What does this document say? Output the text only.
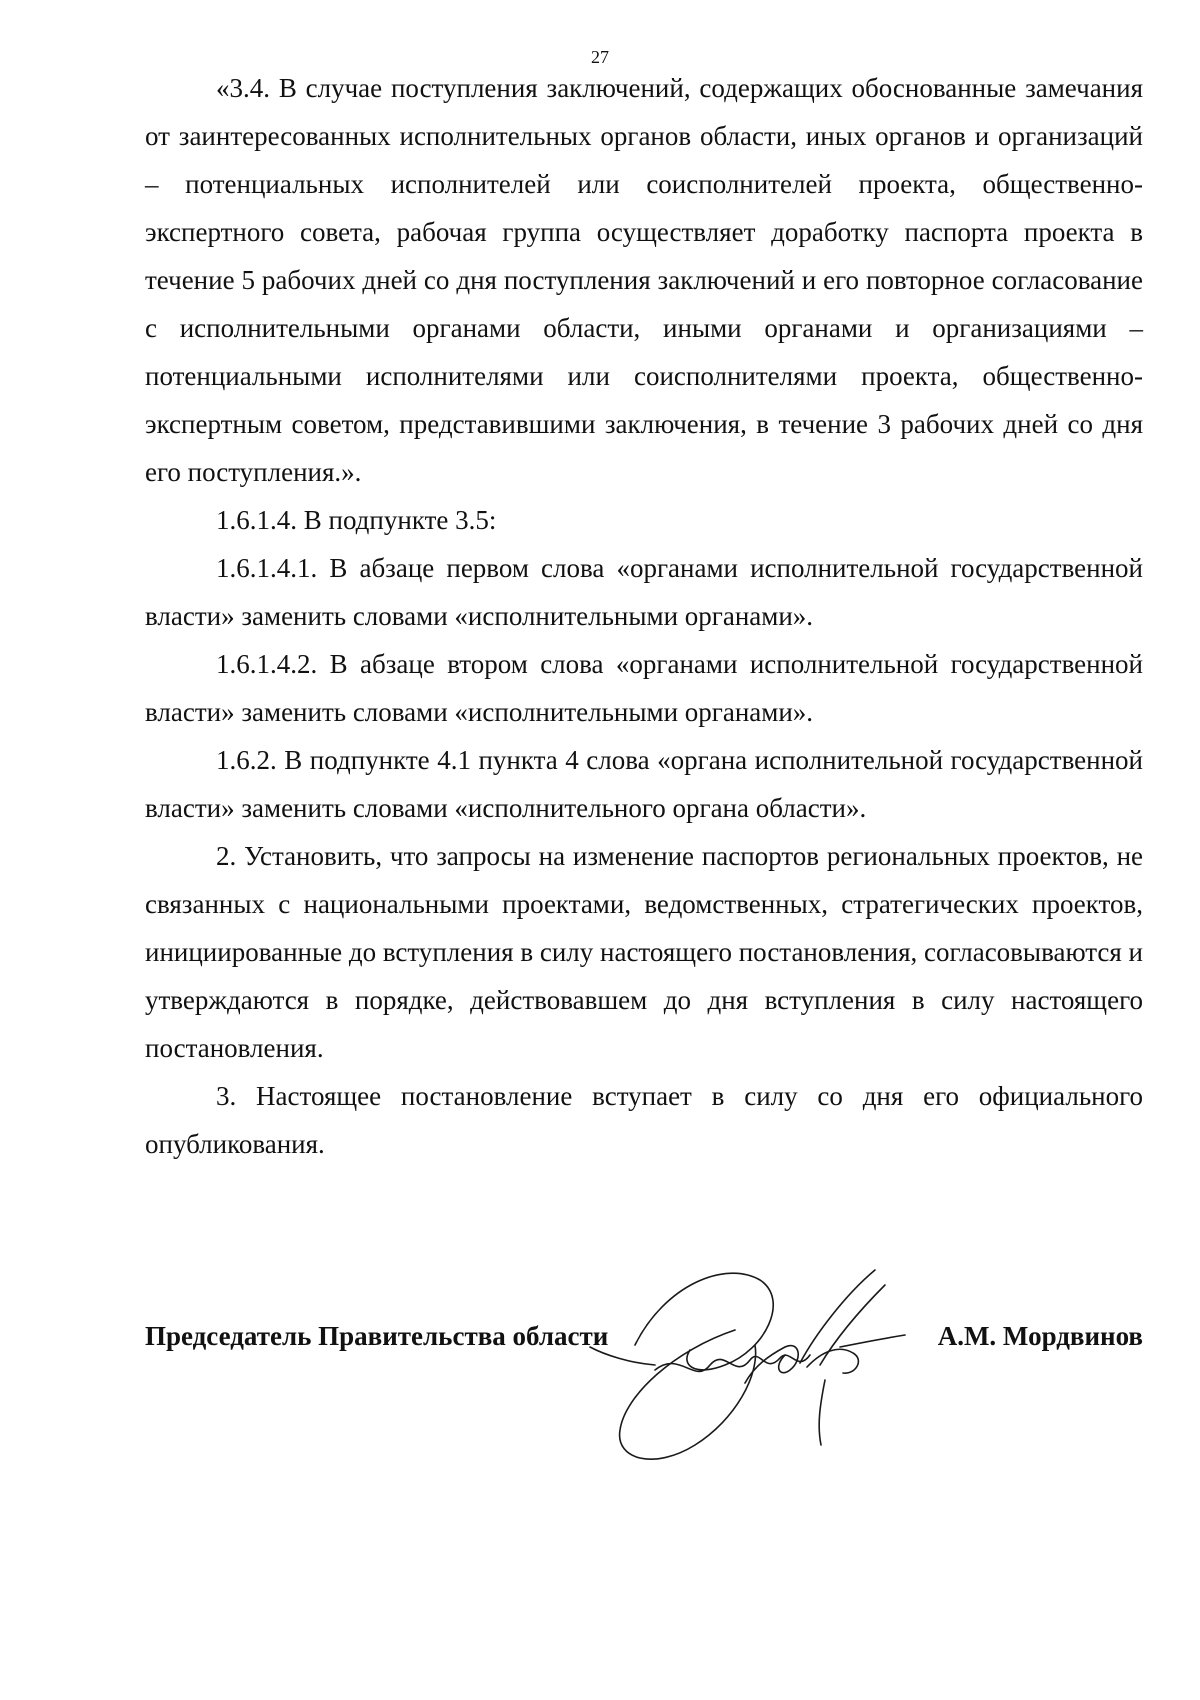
27

«3.4. В случае поступления заключений, содержащих обоснованные замечания от заинтересованных исполнительных органов области, иных органов и организаций – потенциальных исполнителей или соисполнителей проекта, общественно-экспертного совета, рабочая группа осуществляет доработку паспорта проекта в течение 5 рабочих дней со дня поступления заключений и его повторное согласование с исполнительными органами области, иными органами и организациями – потенциальными исполнителями или соисполнителями проекта, общественно-экспертным советом, представившими заключения, в течение 3 рабочих дней со дня его поступления.».

1.6.1.4. В подпункте 3.5:

1.6.1.4.1. В абзаце первом слова «органами исполнительной государственной власти» заменить словами «исполнительными органами».

1.6.1.4.2. В абзаце втором слова «органами исполнительной государственной власти» заменить словами «исполнительными органами».

1.6.2. В подпункте 4.1 пункта 4 слова «органа исполнительной государственной власти» заменить словами «исполнительного органа области».

2. Установить, что запросы на изменение паспортов региональных проектов, не связанных с национальными проектами, ведомственных, стратегических проектов, инициированные до вступления в силу настоящего постановления, согласовываются и утверждаются в порядке, действовавшем до дня вступления в силу настоящего постановления.

3. Настоящее постановление вступает в силу со дня его официального опубликования.

Председатель Правительства области	А.М. Мордвинов
